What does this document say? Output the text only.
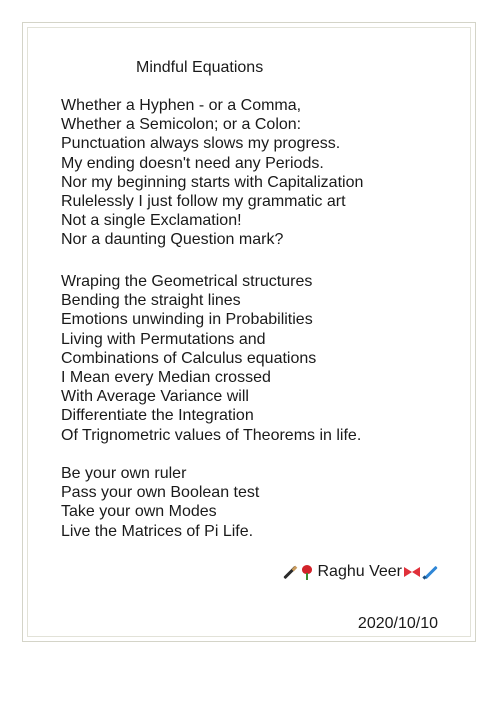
Mindful Equations
Whether a Hyphen - or a Comma,
Whether a Semicolon; or a Colon:
Punctuation always slows my progress.
My ending doesn't need any Periods.
Nor my beginning starts with Capitalization
Rulelessly I just follow my grammatic art
Not a single Exclamation!
Nor a daunting Question mark?
Wraping the Geometrical structures
Bending the straight lines
Emotions unwinding in Probabilities
Living with Permutations and
Combinations of Calculus equations
I Mean every Median crossed
With Average Variance will
Differentiate the Integration
Of Trignometric values of Theorems in life.
Be your own ruler
Pass your own Boolean test
Take your own Modes
Live the Matrices of Pi Life.
Raghu Veer
2020/10/10
